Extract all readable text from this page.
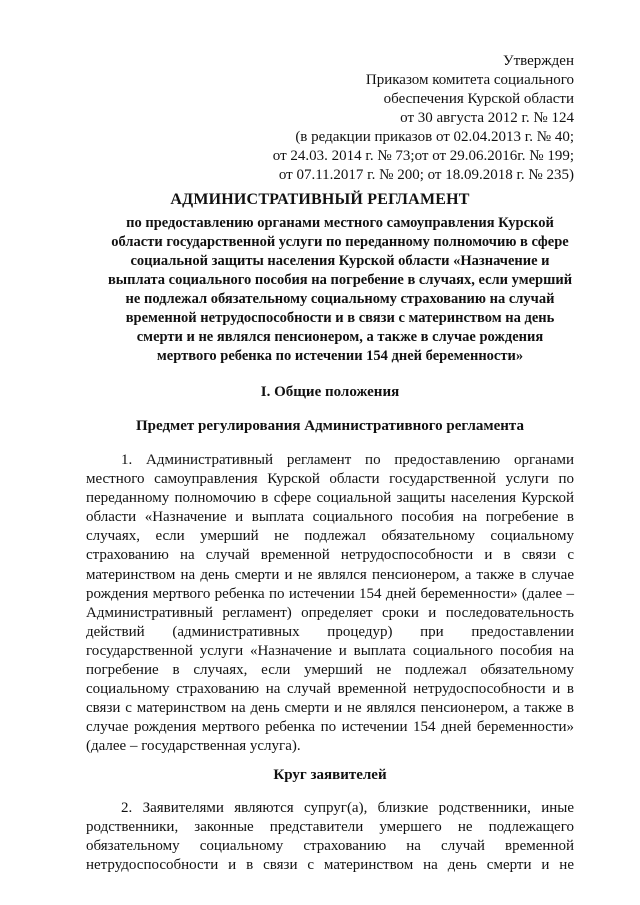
Утвержден
Приказом комитета социального
обеспечения Курской области
от 30 августа 2012 г. № 124
(в редакции приказов от 02.04.2013 г. № 40;
от 24.03. 2014 г. № 73;от от 29.06.2016г. № 199;
от 07.11.2017 г. № 200; от 18.09.2018 г. № 235)
АДМИНИСТРАТИВНЫЙ РЕГЛАМЕНТ
по предоставлению органами местного самоуправления Курской
области государственной услуги по переданному полномочию в сфере
социальной защиты населения Курской области «Назначение и
выплата социального пособия на погребение в случаях, если умерший
не подлежал обязательному социальному страхованию на случай
временной нетрудоспособности и в связи с материнством на день
смерти и не являлся пенсионером, а также в случае рождения
мертвого ребенка по истечении 154 дней беременности»
I. Общие положения
Предмет регулирования Административного регламента
1. Административный регламент по предоставлению органами
местного самоуправления Курской области государственной услуги по
переданному полномочию в сфере социальной защиты населения Курской
области «Назначение и выплата социального пособия на погребение в
случаях, если умерший не подлежал обязательному социальному
страхованию на случай временной нетрудоспособности и в связи с
материнством на день смерти и не являлся пенсионером, а также в случае
рождения мертвого ребенка по истечении 154 дней беременности» (далее –
Административный регламент) определяет сроки и последовательность
действий (административных процедур) при предоставлении
государственной услуги «Назначение и выплата социального пособия на
погребение в случаях, если умерший не подлежал обязательному
социальному страхованию на случай временной нетрудоспособности и в
связи с материнством на день смерти и не являлся пенсионером, а также в
случае рождения мертвого ребенка по истечении 154 дней беременности»
(далее – государственная услуга).
Круг заявителей
2. Заявителями являются супруг(а), близкие родственники, иные
родственники, законные представители умершего не подлежащего
обязательному социальному страхованию на случай временной
нетрудоспособности и в связи с материнством на день смерти и не
